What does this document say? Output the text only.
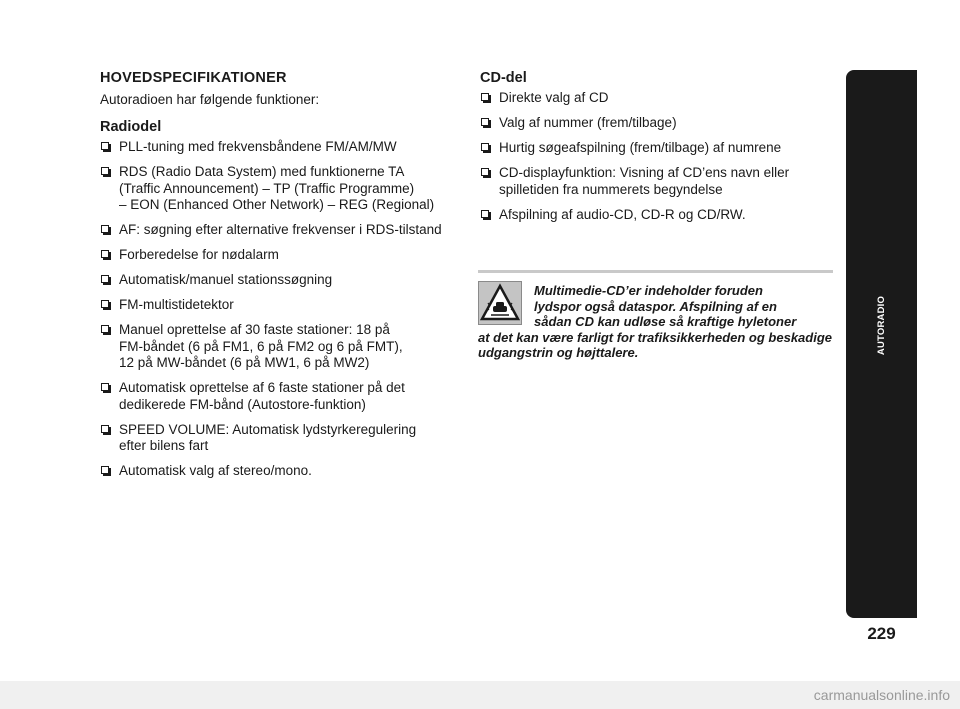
HOVEDSPECIFIKATIONER
Autoradioen har følgende funktioner:
Radiodel
PLL-tuning med frekvensbåndene FM/AM/MW
RDS (Radio Data System) med funktionerne TA
(Traffic Announcement) – TP (Traffic Programme)
– EON (Enhanced Other Network) – REG (Regional)
AF: søgning efter alternative frekvenser i RDS-tilstand
Forberedelse for nødalarm
Automatisk/manuel stationssøgning
FM-multistidetektor
Manuel oprettelse af 30 faste stationer: 18 på
FM-båndet (6 på FM1, 6 på FM2 og 6 på FMT),
12 på MW-båndet (6 på MW1, 6 på MW2)
Automatisk oprettelse af 6 faste stationer på det
dedikerede FM-bånd (Autostore-funktion)
SPEED VOLUME: Automatisk lydstyrkeregulering
efter bilens fart
Automatisk valg af stereo/mono.
CD-del
Direkte valg af CD
Valg af nummer (frem/tilbage)
Hurtig søgeafspilning (frem/tilbage) af numrene
CD-displayfunktion: Visning af CD’ens navn eller
spilletiden fra nummerets begyndelse
Afspilning af audio-CD, CD-R og CD/RW.
Multimedie-CD’er indeholder foruden
lydspor også dataspor. Afspilning af en
sådan CD kan udløse så kraftige hyletoner
at det kan være farligt for trafiksikkerheden og beskadige udgangstrin og højttalere.	AUTORADIO
229
carmanualsonline.info
